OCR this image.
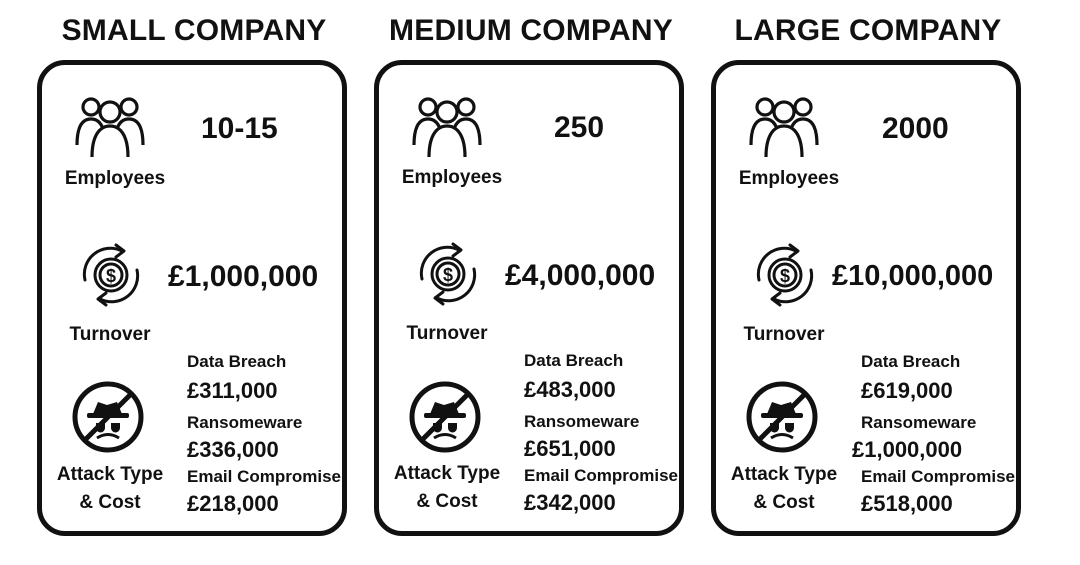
SMALL COMPANY
10-15
Employees
$ £1,000,000
Turnover
Attack Type
& Cost
Data Breach
£311,000
Ransomeware
£336,000
Email Compromise
£218,000
MEDIUM COMPANY
250
Employees
$ £4,000,000
Turnover
Attack Type
& Cost
Data Breach
£483,000
Ransomeware
£651,000
Email Compromise
£342,000
LARGE COMPANY
2000
Employees
$ £10,000,000
Turnover
Attack Type
& Cost
Data Breach
£619,000
Ransomeware
£1,000,000
Email Compromise
£518,000
